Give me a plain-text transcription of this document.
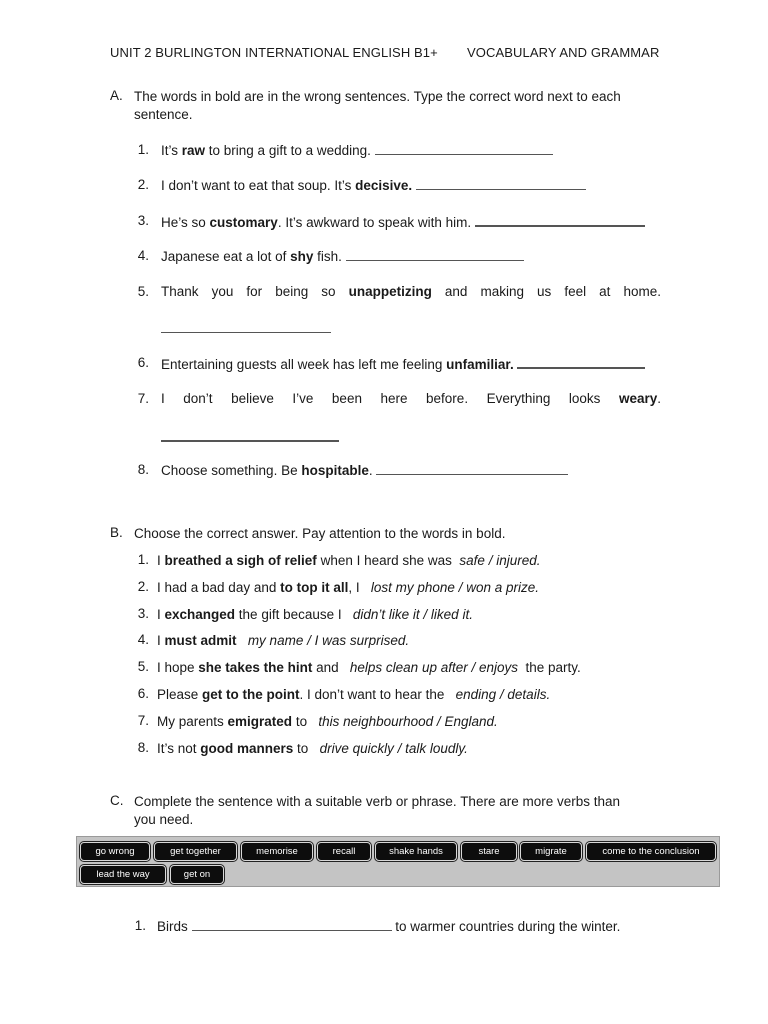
UNIT 2 BURLINGTON INTERNATIONAL ENGLISH B1+ VOCABULARY AND GRAMMAR
A. The words in bold are in the wrong sentences. Type the correct word next to each
sentence.
1. It’s raw to bring a gift to a wedding.
2. I don’t want to eat that soup. It’s decisive.
3. He’s so customary. It’s awkward to speak with him.
4. Japanese eat a lot of shy fish.
5. Thank you for being so unappetizing and making us feel at home.
6. Entertaining guests all week has left me feeling unfamiliar.
7. I don’t believe I’ve been here before. Everything looks weary.
8. Choose something. Be hospitable.
B. Choose the correct answer. Pay attention to the words in bold.
1. I breathed a sigh of relief when I heard she was  safe / injured.
2. I had a bad day and to top it all, I   lost my phone / won a prize.
3. I exchanged the gift because I   didn’t like it / liked it.
4. I must admit my name / I was surprised.
5. I hope she takes the hint and   helps clean up after / enjoys  the party.
6. Please get to the point. I don’t want to hear the   ending / details.
7. My parents emigrated to   this neighbourhood / England.
8. It’s not good manners to   drive quickly / talk loudly.
C. Complete the sentence with a suitable verb or phrase. There are more verbs than
you need.
go wrong	get together	memorise	recall	shake hands	stare	migrate	come to the conclusion
lead the way	get on
1. Birds	to warmer countries during the winter.
